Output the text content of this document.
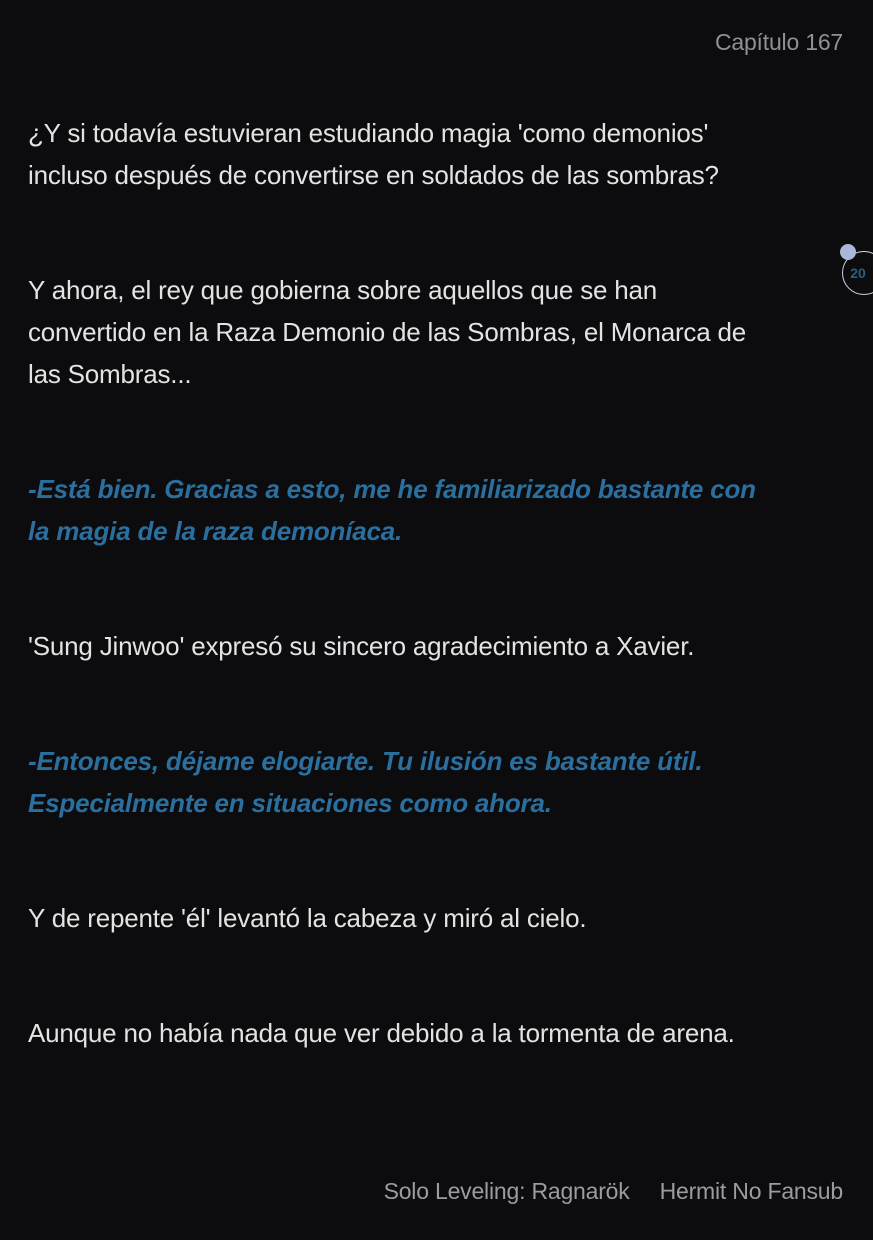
Capítulo 167
20

¿Y si todavía estuvieran estudiando magia 'como demonios'
incluso después de convertirse en soldados de las sombras?

Y ahora, el rey que gobierna sobre aquellos que se han
convertido en la Raza Demonio de las Sombras, el Monarca de
las Sombras...

-Está bien. Gracias a esto, me he familiarizado bastante con
la magia de la raza demoníaca.

'Sung Jinwoo' expresó su sincero agradecimiento a Xavier.

-Entonces, déjame elogiarte. Tu ilusión es bastante útil.
Especialmente en situaciones como ahora.

Y de repente 'él' levantó la cabeza y miró al cielo.

Aunque no había nada que ver debido a la tormenta de arena.

Solo Leveling: Ragnarök Hermit No Fansub
